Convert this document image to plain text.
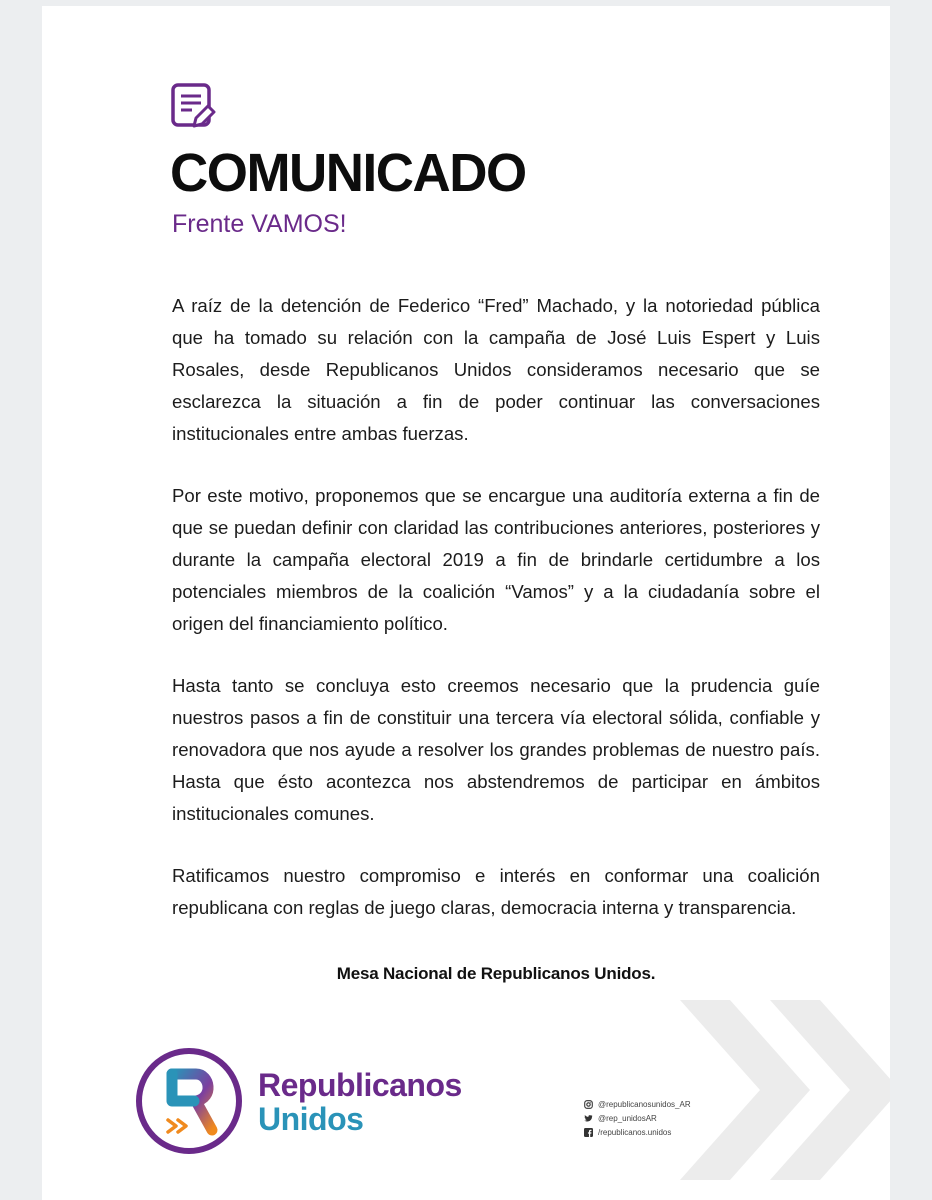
COMUNICADO
Frente VAMOS!

A raíz de la detención de Federico “Fred” Machado, y la notoriedad pública que ha tomado su relación con la campaña de José Luis Espert y Luis Rosales, desde Republicanos Unidos consideramos necesario que se esclarezca la situación a fin de poder continuar las conversaciones institucionales entre ambas fuerzas.

Por este motivo, proponemos que se encargue una auditoría externa a fin de que se puedan definir con claridad las contribuciones anteriores, posteriores y durante la campaña electoral 2019 a fin de brindarle certidumbre a los potenciales miembros de la coalición “Vamos” y a la ciudadanía sobre el origen del financiamiento político.

Hasta tanto se concluya esto creemos necesario que la prudencia guíe nuestros pasos a fin de constituir una tercera vía electoral sólida, confiable y renovadora que nos ayude a resolver los grandes problemas de nuestro país. Hasta que ésto acontezca nos abstendremos de participar en ámbitos institucionales comunes.

Ratificamos nuestro compromiso e interés en conformar una coalición republicana con reglas de juego claras, democracia interna y transparencia.

Mesa Nacional de Republicanos Unidos.
Republicanos
Unidos	@republicanosunidos_AR
@rep_unidosAR
/republicanos.unidos
